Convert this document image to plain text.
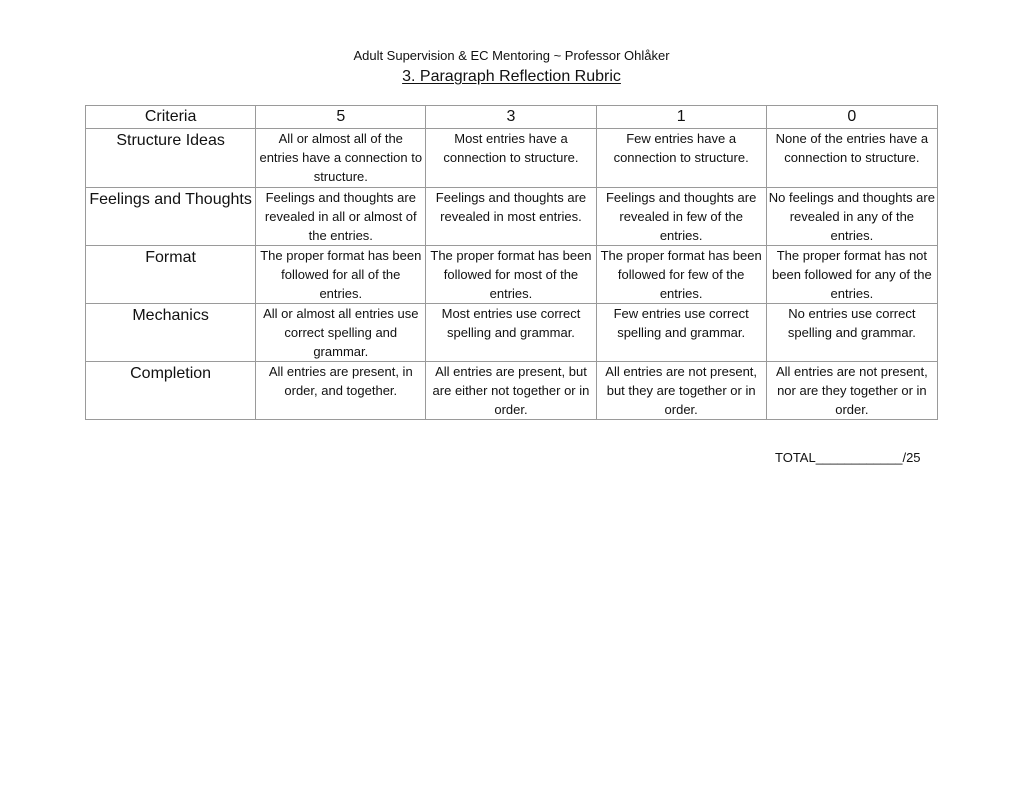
Adult Supervision & EC Mentoring ~ Professor Ohlåker
3. Paragraph Reflection Rubric
Criteria	5	3	1	0
Structure Ideas	All or almost all of the entries have a connection to structure.	Most entries have a connection to structure.	Few entries have a connection to structure.	None of the entries have a connection to structure.
Feelings and Thoughts	Feelings and thoughts are revealed in all or almost of the entries.	Feelings and thoughts are revealed in most entries.	Feelings and thoughts are revealed in few of the entries.	No feelings and thoughts are revealed in any of the entries.
Format	The proper format has been followed for all of the entries.	The proper format has been followed for most of the entries.	The proper format has been followed for few of the entries.	The proper format has not been followed for any of the entries.
Mechanics	All or almost all entries use correct spelling and grammar.	Most entries use correct spelling and grammar.	Few entries use correct spelling and grammar.	No entries use correct spelling and grammar.
Completion	All entries are present, in order, and together.	All entries are present, but are either not together or in order.	All entries are not present, but they are together or in order.	All entries are not present, nor are they together or in order.
TOTAL____________/25
